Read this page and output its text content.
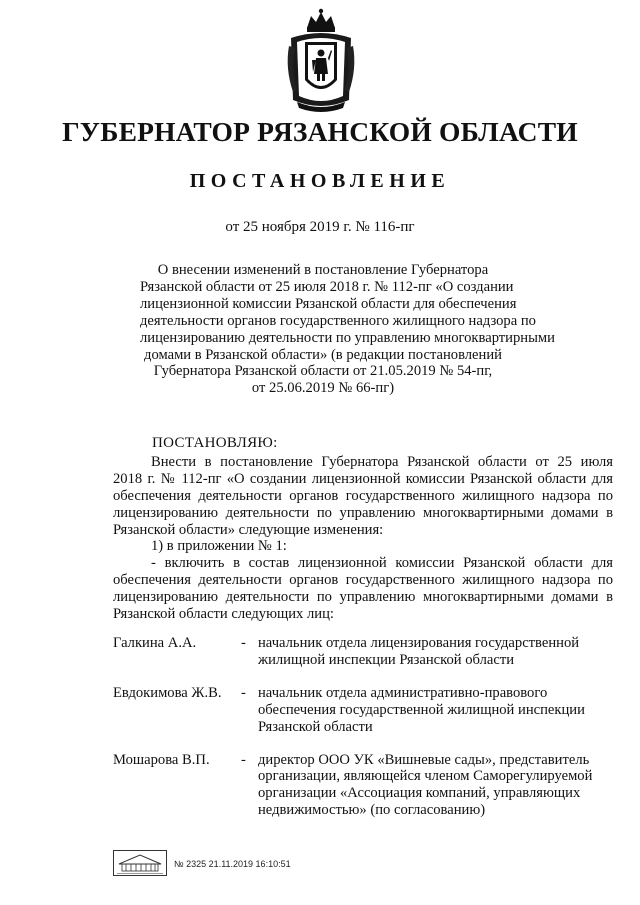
ГУБЕРНАТОР РЯЗАНСКОЙ ОБЛАСТИ
ПОСТАНОВЛЕНИЕ
от 25 ноября 2019 г. № 116-пг
О внесении изменений в постановление Губернатора
Рязанской области от 25 июля 2018 г. № 112-пг «О создании
лицензионной комиссии Рязанской области для обеспечения
деятельности органов государственного жилищного надзора по
лицензированию деятельности по управлению многоквартирными
домами в Рязанской области» (в редакции постановлений
Губернатора Рязанской области от 21.05.2019 № 54-пг,
от 25.06.2019 № 66-пг)
ПОСТАНОВЛЯЮ:
Внести в постановление Губернатора Рязанской области от 25 июля
2018 г. № 112-пг «О создании лицензионной комиссии Рязанской области для
обеспечения деятельности органов государственного жилищного надзора по
лицензированию деятельности по управлению многоквартирными домами в
Рязанской области» следующие изменения:
1) в приложении № 1:
- включить в состав лицензионной комиссии Рязанской области для
обеспечения деятельности органов государственного жилищного надзора по
лицензированию деятельности по управлению многоквартирными домами в
Рязанской области следующих лиц:
Галкина А.А.	- начальник отдела лицензирования государственной
жилищной инспекции Рязанской области
Евдокимова Ж.В.	- начальник отдела административно-правового
обеспечения государственной жилищной инспекции
Рязанской области
Мошарова В.П.	- директор ООО УК «Вишневые сады», представитель
организации, являющейся членом Саморегулируемой
организации «Ассоциация компаний, управляющих
недвижимостью» (по согласованию)
№ 2325 21.11.2019 16:10:51
